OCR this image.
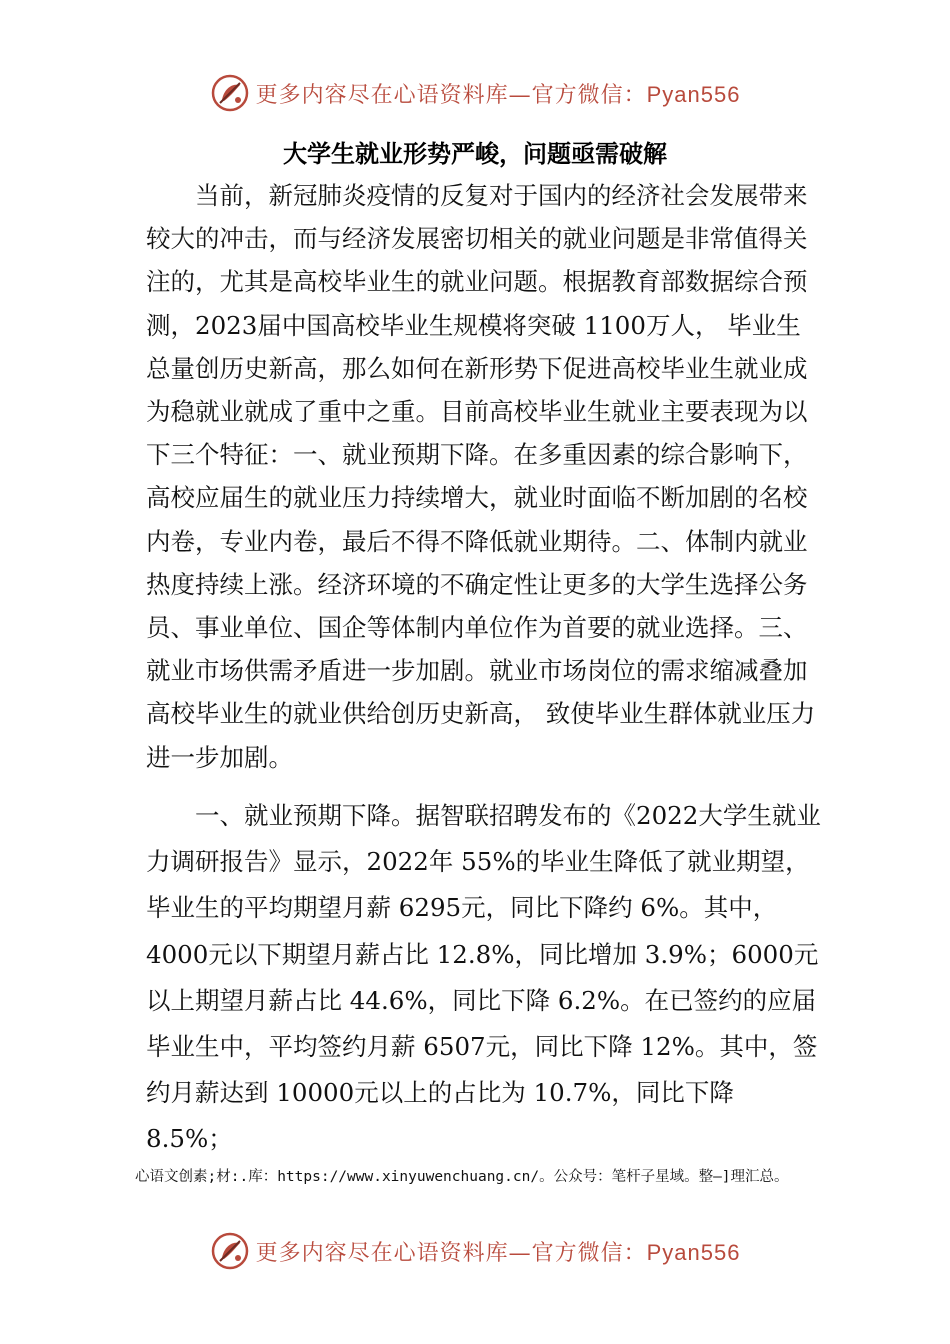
更多内容尽在心语资料库—官方微信：Pyan556
大学生就业形势严峻，问题亟需破解

当前，新冠肺炎疫情的反复对于国内的经济社会发展带来较大的冲击，而与经济发展密切相关的就业问题是非常值得关注的，尤其是高校毕业生的就业问题。根据教育部数据综合预测，2023届中国高校毕业生规模将突破 1100万人， 毕业生总量创历史新高，那么如何在新形势下促进高校毕业生就业成为稳就业就成了重中之重。目前高校毕业生就业主要表现为以下三个特征：一、就业预期下降。在多重因素的综合影响下，高校应届生的就业压力持续增大，就业时面临不断加剧的名校内卷，专业内卷，最后不得不降低就业期待。二、体制内就业热度持续上涨。经济环境的不确定性让更多的大学生选择公务员、事业单位、国企等体制内单位作为首要的就业选择。三、就业市场供需矛盾进一步加剧。就业市场岗位的需求缩减叠加高校毕业生的就业供给创历史新高， 致使毕业生群体就业压力进一步加剧。

一、就业预期下降。据智联招聘发布的《2022大学生就业力调研报告》显示，2022年 55%的毕业生降低了就业期望，毕业生的平均期望月薪 6295元，同比下降约 6%。其中，4000元以下期望月薪占比 12.8%，同比增加 3.9%；6000元以上期望月薪占比 44.6%，同比下降 6.2%。在已签约的应届毕业生中，平均签约月薪 6507元，同比下降 12%。其中，签约月薪达到 10000元以上的占比为 10.7%，同比下降 8.5%；

心语文创素;材:.库：https://www.xinyuwenchuang.cn/。公众号：笔杆子星域。整—]理汇总。

更多内容尽在心语资料库—官方微信：Pyan556
